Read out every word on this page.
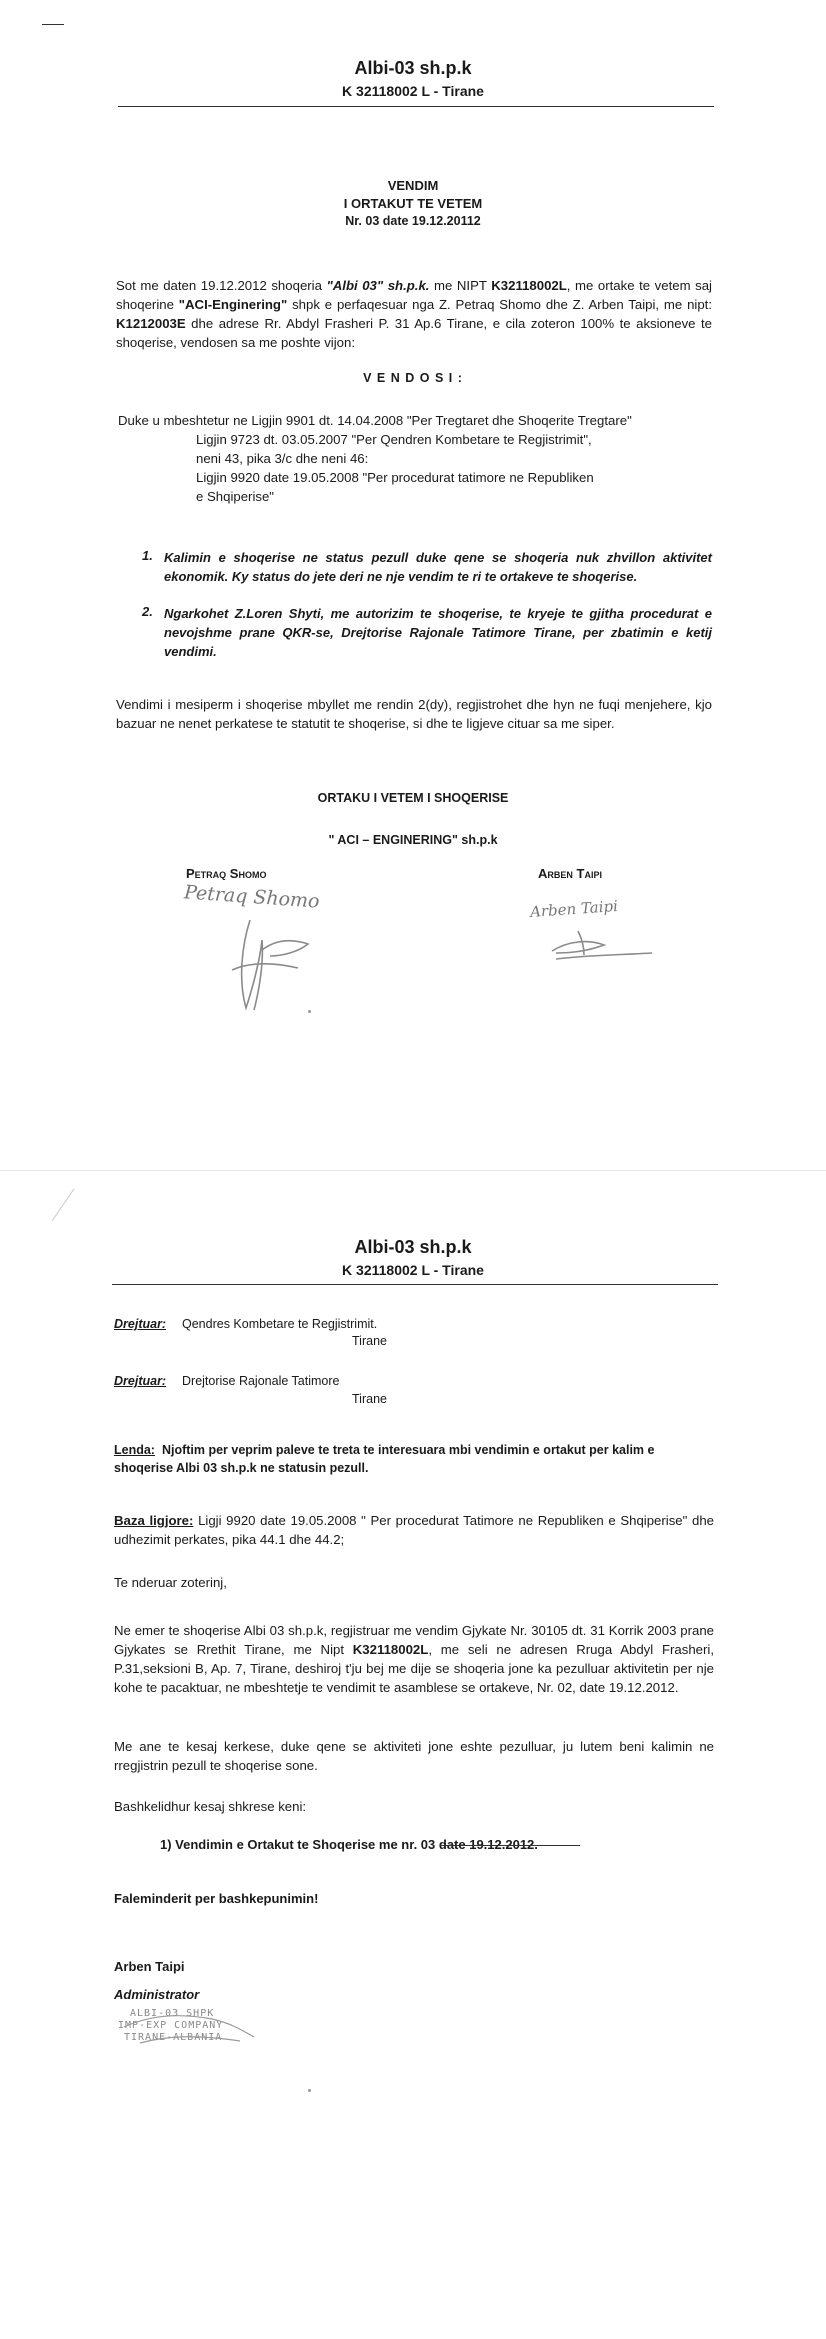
Albi-03 sh.p.k
K 32118002 L - Tirane
VENDIM
I ORTAKUT TE VETEM
Nr. 03 date 19.12.20112
Sot me daten 19.12.2012 shoqeria "Albi 03" sh.p.k. me NIPT K32118002L, me ortake te vetem saj shoqerine "ACI-Enginering" shpk e perfaqesuar nga Z. Petraq Shomo dhe Z. Arben Taipi, me nipt: K1212003E dhe adrese Rr. Abdyl Frasheri P. 31 Ap.6 Tirane, e cila zoteron 100% te aksioneve te shoqerise, vendosen sa me poshte vijon:
V E N D O S I :
Duke u mbeshtetur ne Ligjin 9901 dt. 14.04.2008 "Per Tregtaret dhe Shoqerite Tregtare"
Ligjin 9723 dt. 03.05.2007 "Per Qendren Kombetare te Regjistrimit",
neni 43, pika 3/c dhe neni 46:
Ligjin 9920 date 19.05.2008 "Per procedurat tatimore ne Republiken
e Shqiperise"
1. Kalimin e shoqerise ne status pezull duke qene se shoqeria nuk zhvillon aktivitet ekonomik. Ky status do jete deri ne nje vendim te ri te ortakeve te shoqerise.
2. Ngarkohet Z.Loren Shyti, me autorizim te shoqerise, te kryeje te gjitha procedurat e nevojshme prane QKR-se, Drejtorise Rajonale Tatimore Tirane, per zbatimin e ketij vendimi.
Vendimi i mesiperm i shoqerise mbyllet me rendin 2(dy), regjistrohet dhe hyn ne fuqi menjehere, kjo bazuar ne nenet perkatese te statutit te shoqerise, si dhe te ligjeve cituar sa me siper.
ORTAKU I VETEM I SHOQERISE
" ACI – ENGINERING" sh.p.k
Petraq Shomo	Arben Taipi
Petraq Shomo	Arben Taipi
Albi-03 sh.p.k
K 32118002 L - Tirane
Drejtuar: Qendres Kombetare te Regjistrimit.
Tirane
Drejtuar: Drejtorise Rajonale Tatimore
Tirane
Lenda: Njoftim per veprim paleve te treta te interesuara mbi vendimin e ortakut per kalim e shoqerise Albi 03 sh.p.k ne statusin pezull.
Baza ligjore: Ligji 9920 date 19.05.2008 " Per procedurat Tatimore ne Republiken e Shqiperise" dhe udhezimit perkates, pika 44.1 dhe 44.2;
Te nderuar zoterinj,
Ne emer te shoqerise Albi 03 sh.p.k, regjistruar me vendim Gjykate Nr. 30105 dt. 31 Korrik 2003 prane Gjykates se Rrethit Tirane, me Nipt K32118002L, me seli ne adresen Rruga Abdyl Frasheri, P.31,seksioni B, Ap. 7, Tirane, deshiroj t'ju bej me dije se shoqeria jone ka pezulluar aktivitetin per nje kohe te pacaktuar, ne mbeshtetje te vendimit te asamblese se ortakeve, Nr. 02, date 19.12.2012.
Me ane te kesaj kerkese, duke qene se aktiviteti jone eshte pezulluar, ju lutem beni kalimin ne rregjistrin pezull te shoqerise sone.
Bashkelidhur kesaj shkrese keni:
1) Vendimin e Ortakut te Shoqerise me nr. 03 date 19.12.2012.
Faleminderit per bashkepunimin!
Arben Taipi
Administrator
ALBI-03 SHPK
IMP-EXP COMPANY
TIRANE-ALBANIA
